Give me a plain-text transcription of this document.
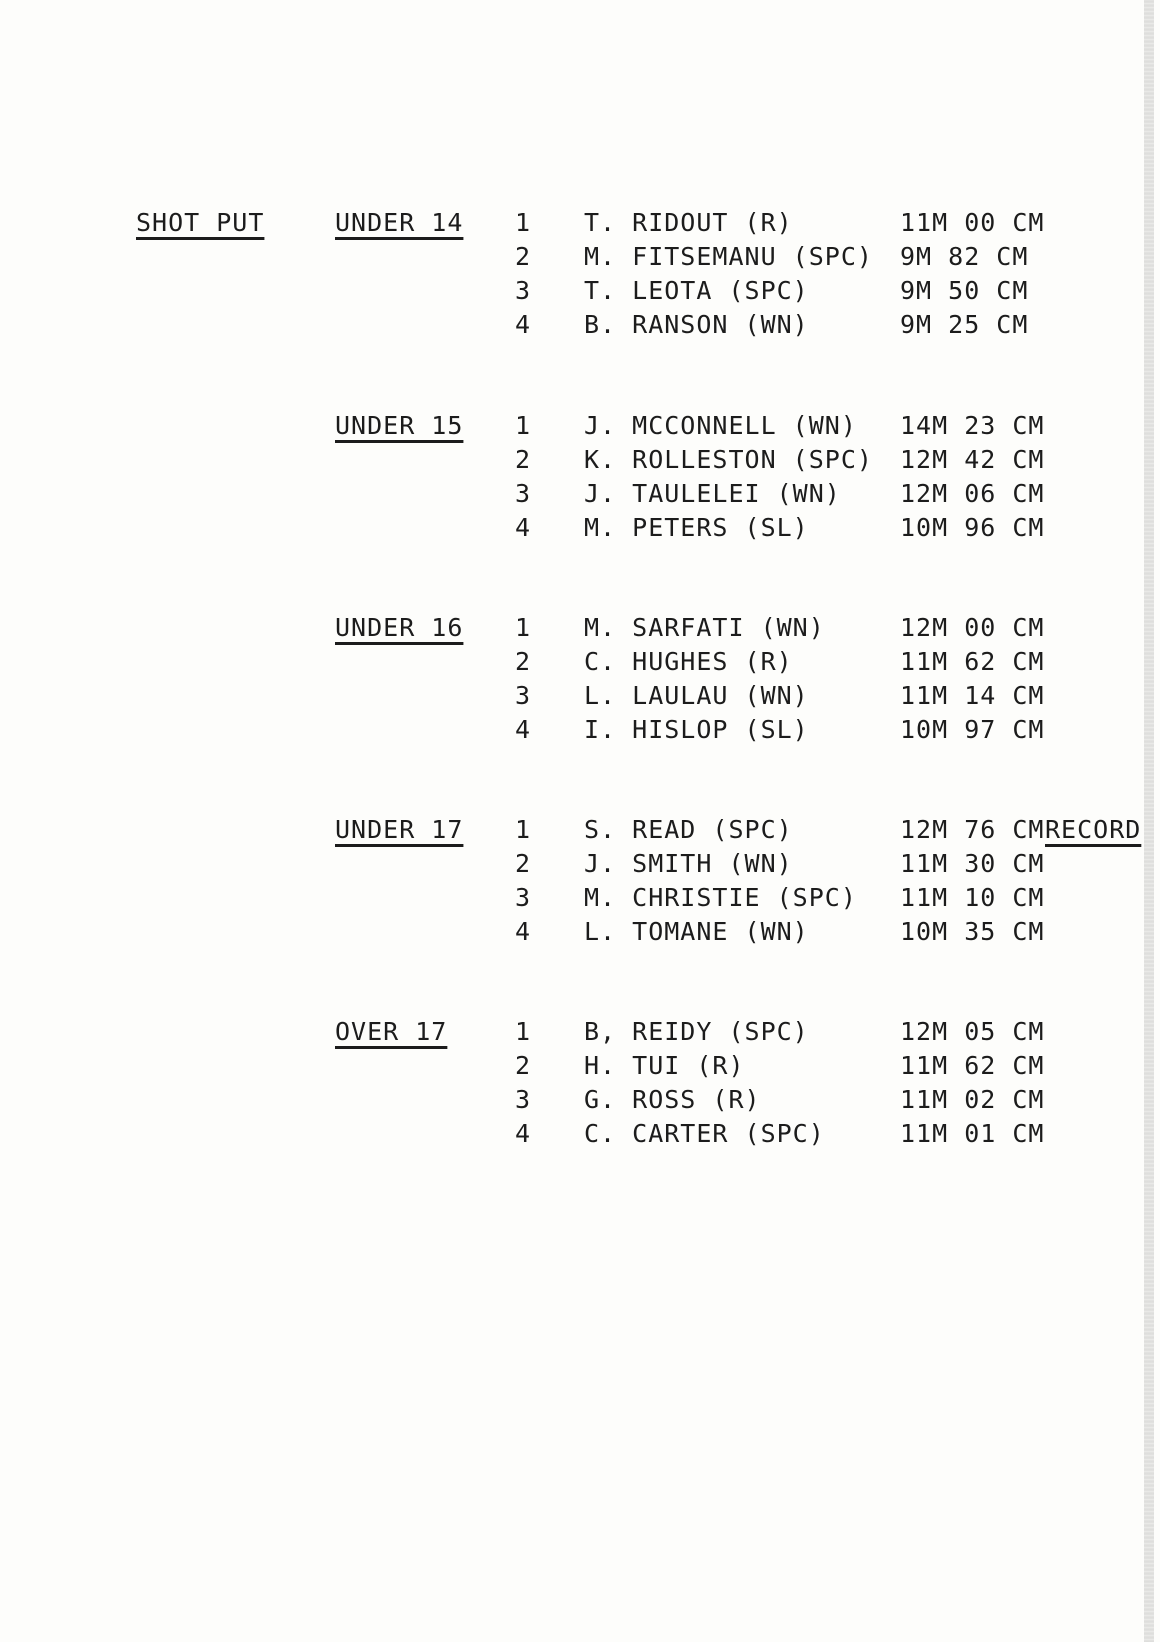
SHOT PUT	UNDER 14 1 T. RIDOUT (R)	11M 00 CM
2 M. FITSEMANU (SPC) 9M 82 CM
3 T. LEOTA (SPC)	9M 50 CM
4 B. RANSON (WN)	9M 25 CM
UNDER 15 1 J. MCCONNELL (WN) 14M 23 CM
2 K. ROLLESTON (SPC) 12M 42 CM
3 J. TAULELEI (WN) 12M 06 CM
4 M. PETERS (SL)	10M 96 CM
UNDER 16 1 M. SARFATI (WN)	12M 00 CM
2 C. HUGHES (R)	11M 62 CM
3 L. LAULAU (WN)	11M 14 CM
4 I. HISLOP (SL)	10M 97 CM
UNDER 17 1 S. READ (SPC)	12M 76 CM RECORD
2 J. SMITH (WN)	11M 30 CM
3 M. CHRISTIE (SPC) 11M 10 CM
4 L. TOMANE (WN)	10M 35 CM
OVER 17	1 B, REIDY (SPC)	12M 05 CM
2 H. TUI (R)	11M 62 CM
3 G. ROSS (R)	11M 02 CM
4 C. CARTER (SPC)	11M 01 CM
